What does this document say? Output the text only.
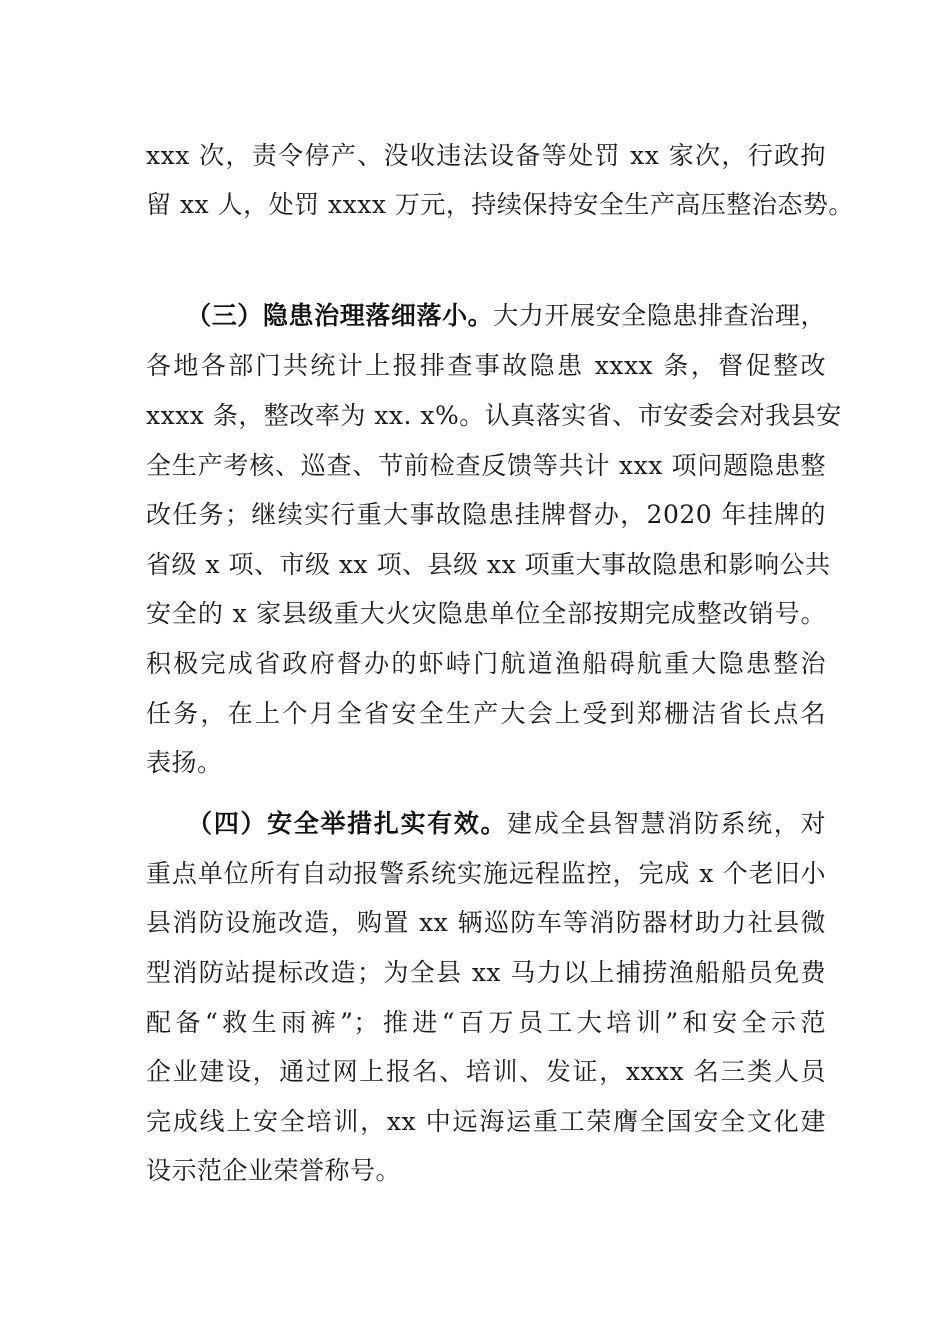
xxx 次，责令停产、没收违法设备等处罚 xx 家次，行政拘
留 xx 人，处罚 xxxx 万元，持续保持安全生产高压整治态势。
（三）隐患治理落细落小。大力开展安全隐患排查治理，
各地各部门共统计上报排查事故隐患 xxxx 条，督促整改
xxxx 条，整改率为 xx. x%。认真落实省、市安委会对我县安
全生产考核、巡查、节前检查反馈等共计 xxx 项问题隐患整
改任务；继续实行重大事故隐患挂牌督办，2020 年挂牌的
省级 x 项、市级 xx 项、县级 xx 项重大事故隐患和影响公共
安全的 x 家县级重大火灾隐患单位全部按期完成整改销号。
积极完成省政府督办的虾峙门航道渔船碍航重大隐患整治
任务，在上个月全省安全生产大会上受到郑栅洁省长点名
表扬。
（四）安全举措扎实有效。建成全县智慧消防系统，对
重点单位所有自动报警系统实施远程监控，完成 x 个老旧小
县消防设施改造，购置 xx 辆巡防车等消防器材助力社县微
型消防站提标改造；为全县 xx 马力以上捕捞渔船船员免费
配备“救生雨裤”；推进“百万员工大培训”和安全示范
企业建设，通过网上报名、培训、发证，xxxx 名三类人员
完成线上安全培训，xx 中远海运重工荣膺全国安全文化建
设示范企业荣誉称号。
